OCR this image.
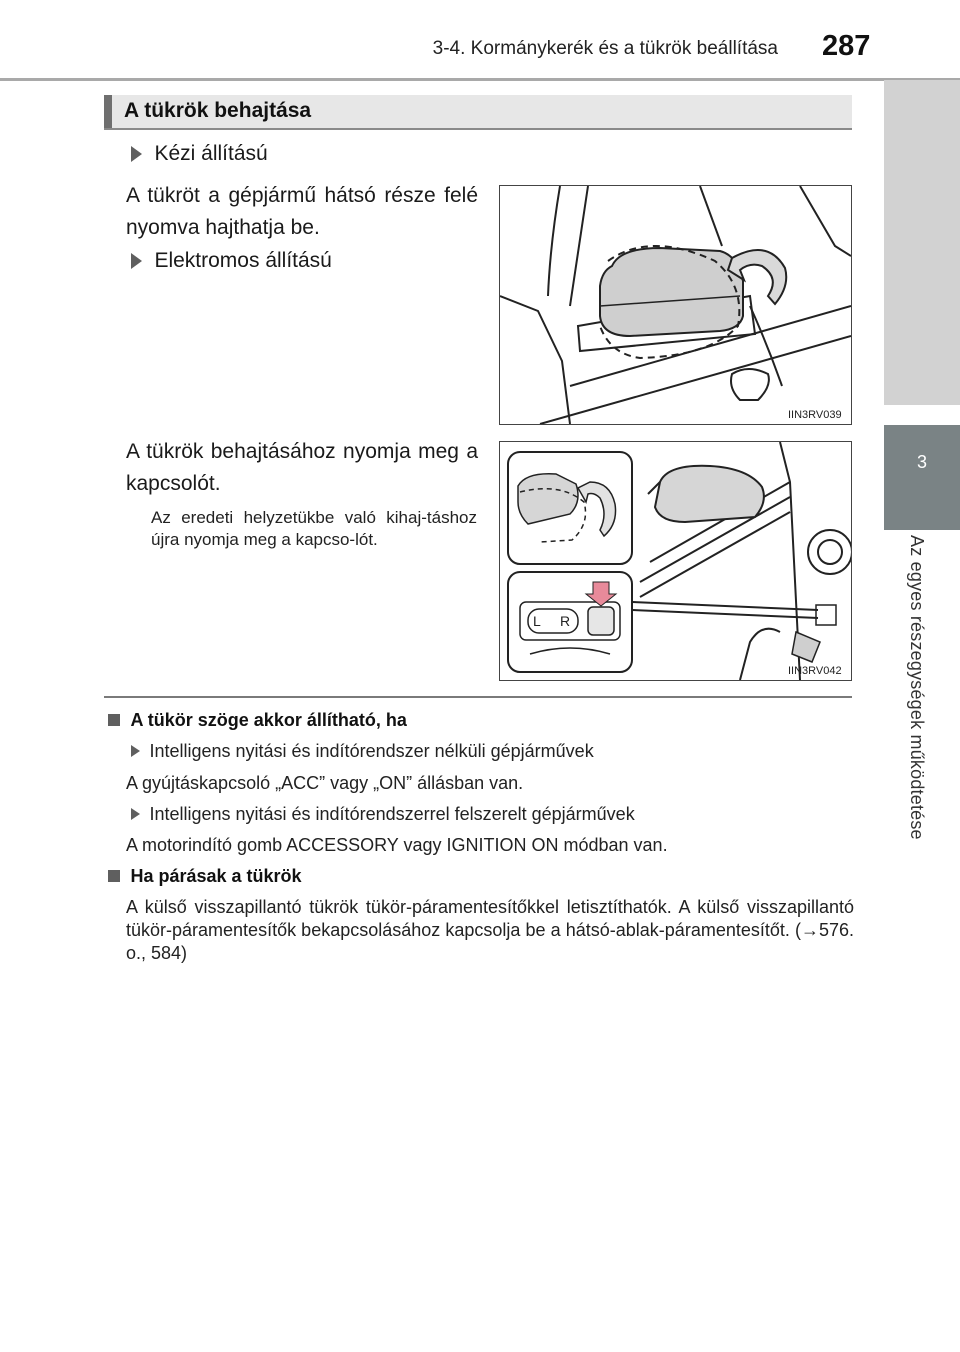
3-4. Kormánykerék és a tükrök beállítása 287
3
Az egyes részegységek működtetése
A tükrök behajtása
Kézi állítású
A tükröt a gépjármű hátsó része felé nyomva hajthatja be.
Elektromos állítású
A tükrök behajtásához nyomja meg a kapcsolót.
Az eredeti helyzetükbe való kihaj-táshoz újra nyomja meg a kapcso-lót.
IIN3RV039
L R
IIN3RV042
A tükör szöge akkor állítható, ha
Intelligens nyitási és indítórendszer nélküli gépjárművek
A gyújtáskapcsoló „ACC” vagy „ON” állásban van.
Intelligens nyitási és indítórendszerrel felszerelt gépjárművek
A motorindító gomb ACCESSORY vagy IGNITION ON módban van.
Ha párásak a tükrök
A külső visszapillantó tükrök tükör-páramentesítőkkel letisztíthatók. A külső visszapillantó tükör-páramentesítők bekapcsolásához kapcsolja be a hátsó-ablak-páramentesítőt. (→576. o., 584)
